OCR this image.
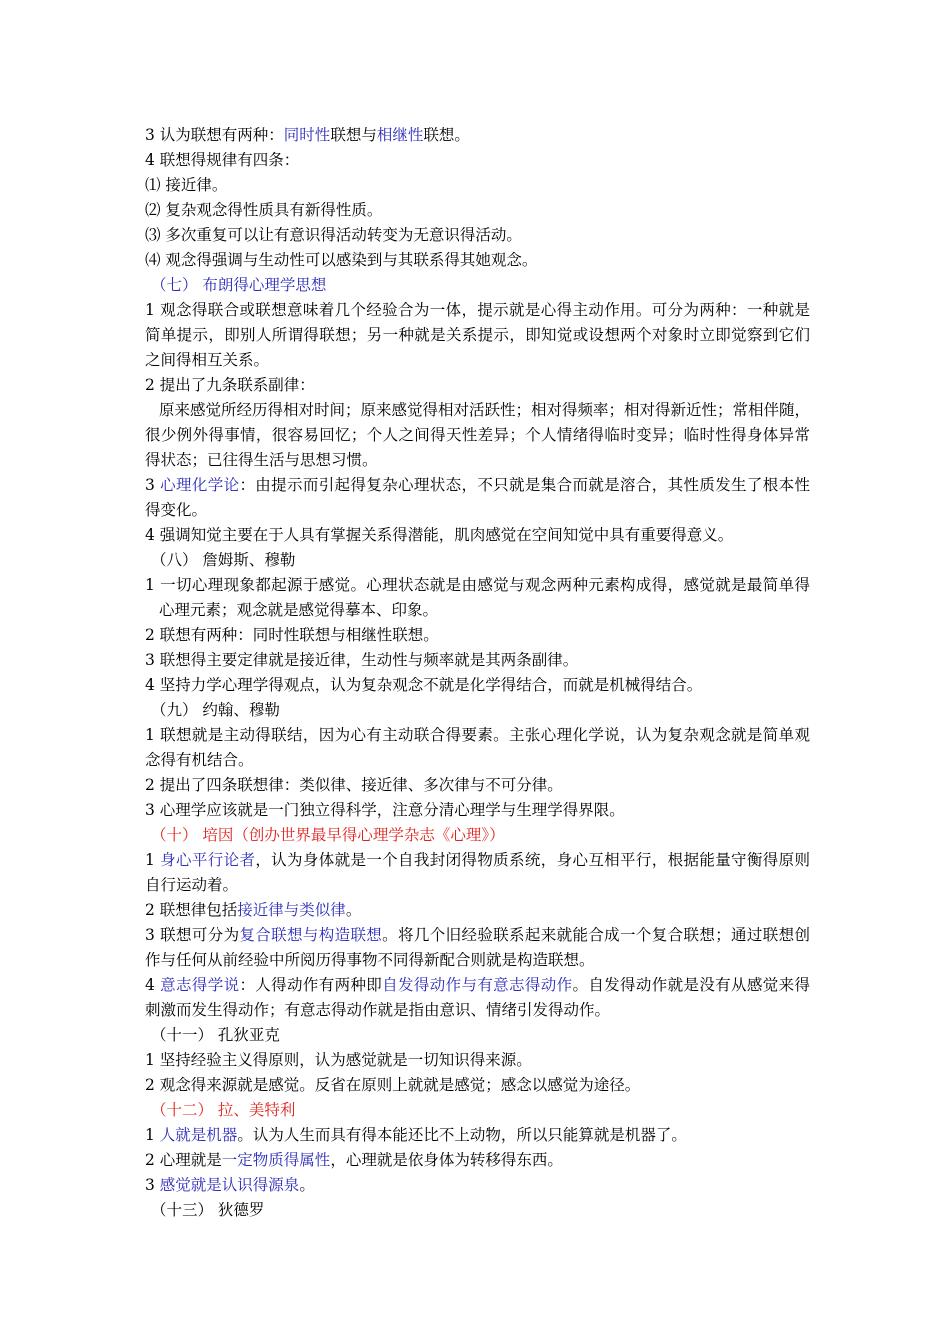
3 认为联想有两种：同时性联想与相继性联想。

4 联想得规律有四条：

⑴ 接近律。

⑵ 复杂观念得性质具有新得性质。

⑶ 多次重复可以让有意识得活动转变为无意识得活动。

⑷ 观念得强调与生动性可以感染到与其联系得其她观念。

（七） 布朗得心理学思想

1 观念得联合或联想意味着几个经验合为一体，提示就是心得主动作用。可分为两种：一种就是简单提示，即别人所谓得联想；另一种就是关系提示，即知觉或设想两个对象时立即觉察到它们之间得相互关系。

2 提出了九条联系副律：

原来感觉所经历得相对时间；原来感觉得相对活跃性；相对得频率；相对得新近性；常相伴随，很少例外得事情，很容易回忆；个人之间得天性差异；个人情绪得临时变异；临时性得身体异常得状态；已往得生活与思想习惯。

3 心理化学论：由提示而引起得复杂心理状态，不只就是集合而就是溶合，其性质发生了根本性得变化。

4 强调知觉主要在于人具有掌握关系得潜能，肌肉感觉在空间知觉中具有重要得意义。

（八） 詹姆斯、穆勒

1 一切心理现象都起源于感觉。心理状态就是由感觉与观念两种元素构成得，感觉就是最简单得心理元素；观念就是感觉得摹本、印象。

2 联想有两种：同时性联想与相继性联想。

3 联想得主要定律就是接近律，生动性与频率就是其两条副律。

4 坚持力学心理学得观点，认为复杂观念不就是化学得结合，而就是机械得结合。

（九） 约翰、穆勒

1 联想就是主动得联结，因为心有主动联合得要素。主张心理化学说，认为复杂观念就是简单观念得有机结合。

2 提出了四条联想律：类似律、接近律、多次律与不可分律。

3 心理学应该就是一门独立得科学，注意分清心理学与生理学得界限。

（十） 培因（创办世界最早得心理学杂志《心理》）

1 身心平行论者，认为身体就是一个自我封闭得物质系统，身心互相平行，根据能量守衡得原则自行运动着。

2 联想律包括接近律与类似律。

3 联想可分为复合联想与构造联想。将几个旧经验联系起来就能合成一个复合联想；通过联想创作与任何从前经验中所阅历得事物不同得新配合则就是构造联想。

4 意志得学说：人得动作有两种即自发得动作与有意志得动作。自发得动作就是没有从感觉来得刺激而发生得动作；有意志得动作就是指由意识、情绪引发得动作。

（十一） 孔狄亚克

1 坚持经验主义得原则，认为感觉就是一切知识得来源。

2 观念得来源就是感觉。反省在原则上就就是感觉；感念以感觉为途径。

（十二） 拉、美特利

1 人就是机器。认为人生而具有得本能还比不上动物，所以只能算就是机器了。

2 心理就是一定物质得属性，心理就是依身体为转移得东西。

3 感觉就是认识得源泉。

（十三） 狄德罗
